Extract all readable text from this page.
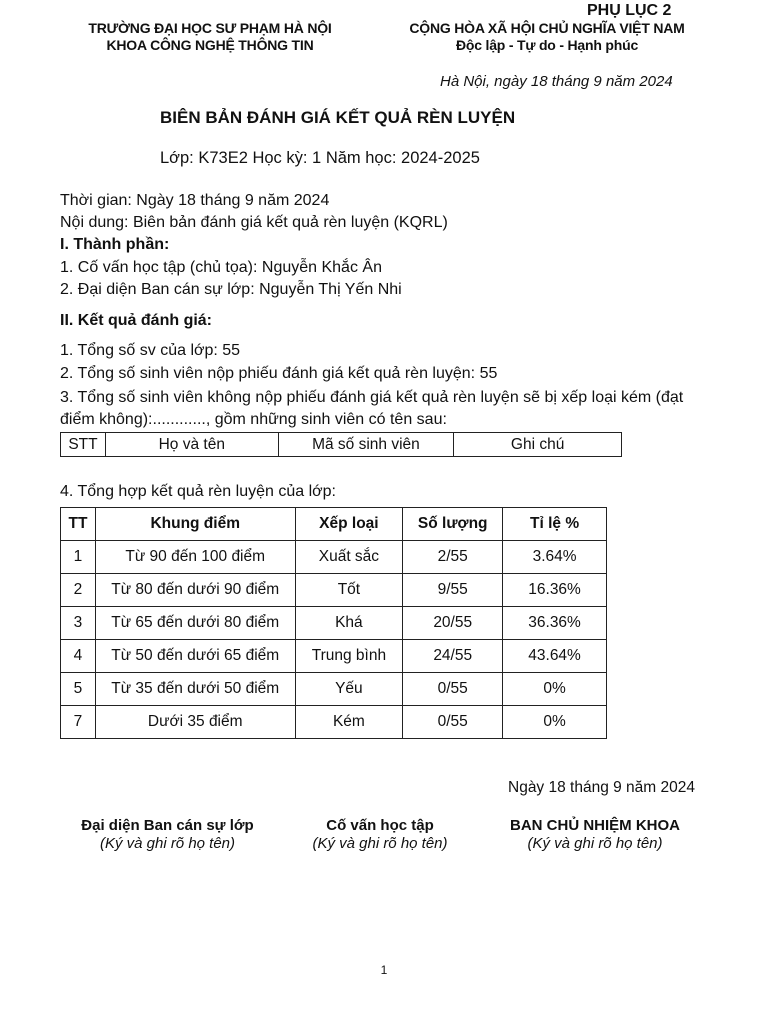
PHỤ LỤC 2
TRƯỜNG ĐẠI HỌC SƯ PHẠM HÀ NỘI
KHOA CÔNG NGHỆ THÔNG TIN
CỘNG HÒA XÃ HỘI CHỦ NGHĨA VIỆT NAM
Độc lập - Tự do - Hạnh phúc
Hà Nội, ngày 18 tháng 9 năm 2024
BIÊN BẢN ĐÁNH GIÁ KẾT QUẢ RÈN LUYỆN
Lớp: K73E2 Học kỳ: 1 Năm học: 2024-2025
Thời gian: Ngày 18 tháng 9 năm 2024
Nội dung: Biên bản đánh giá kết quả rèn luyện (KQRL)
I. Thành phần:
1. Cố vấn học tập (chủ tọa): Nguyễn Khắc Ân
2. Đại diện Ban cán sự lớp: Nguyễn Thị Yến Nhi
II. Kết quả đánh giá:
1. Tổng số sv của lớp: 55
2. Tổng số sinh viên nộp phiếu đánh giá kết quả rèn luyện: 55
3. Tổng số sinh viên không nộp phiếu đánh giá kết quả rèn luyện sẽ bị xếp loại kém (đạt
điểm không):............, gồm những sinh viên có tên sau:
STT	Họ và tên	Mã số sinh viên	Ghi chú
4. Tổng hợp kết quả rèn luyện của lớp:
TT	Khung điểm	Xếp loại	Số lượng	Tỉ lệ %
1	Từ 90 đến 100 điểm	Xuất sắc	2/55	3.64%
2	Từ 80 đến dưới 90 điểm	Tốt	9/55	16.36%
3	Từ 65 đến dưới 80 điểm	Khá	20/55	36.36%
4	Từ 50 đến dưới 65 điểm	Trung bình	24/55	43.64%
5	Từ 35 đến dưới 50 điểm	Yếu	0/55	0%
7	Dưới 35 điểm	Kém	0/55	0%
Ngày 18 tháng 9 năm 2024
Đại diện Ban cán sự lớp
(Ký và ghi rõ họ tên)
Cố vấn học tập
(Ký và ghi rõ họ tên)
BAN CHỦ NHIỆM KHOA
(Ký và ghi rõ họ tên)
1
